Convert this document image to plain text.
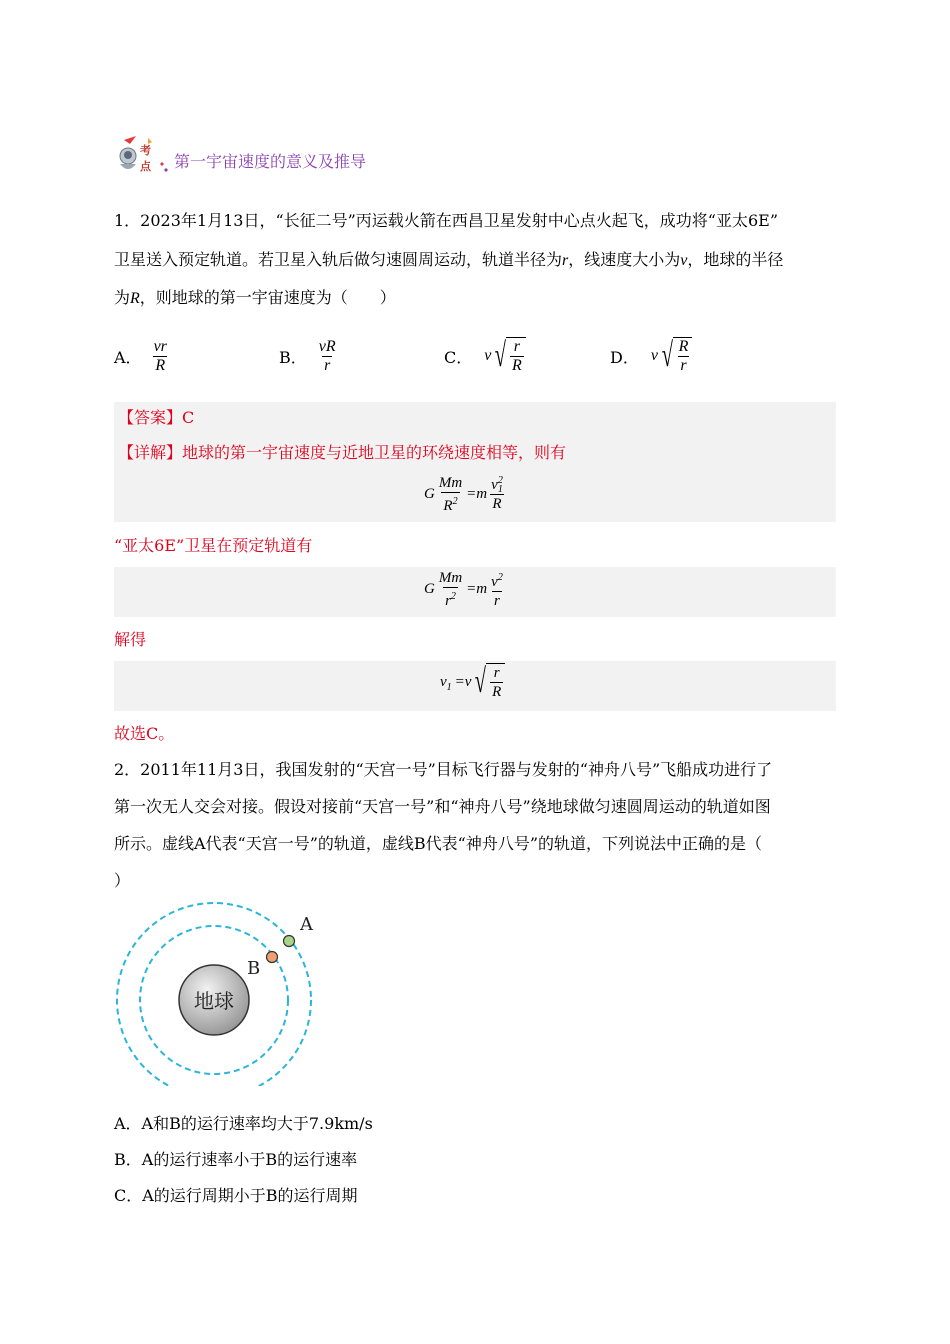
考
点 第一宇宙速度的意义及推导
1．2023年1月13日，“长征二号”丙运载火箭在西昌卫星发射中心点火起飞，成功将“亚太6E”
卫星送入预定轨道。若卫星入轨后做匀速圆周运动，轨道半径为r，线速度大小为v，地球的半径
为R，则地球的第一宇宙速度为（　　）
A． $\frac{vr}{R}$	B． $\frac{vR}{r}$	C． v √ $\frac{r}{R}$	D． v √ $\frac{R}{r}$
【答案】C
【详解】地球的第一宇宙速度与近地卫星的环绕速度相等，则有
G $\frac{Mm}{R^2} =m$ v 2
1
R
“亚太6E”卫星在预定轨道有
G $\frac{Mm}{r^2} =m \frac{v^2}{r}$
解得
$v_1 =v$ √ $\frac{r}{R}$
故选C。
2．2011年11月3日，我国发射的“天宫一号”目标飞行器与发射的“神舟八号”飞船成功进行了
第一次无人交会对接。假设对接前“天宫一号”和“神舟八号”绕地球做匀速圆周运动的轨道如图
所示。虚线A代表“天宫一号”的轨道，虚线B代表“神舟八号”的轨道，下列说法中正确的是（
）
地球
A
B
A．A和B的运行速率均大于7.9km/s
B．A的运行速率小于B的运行速率
C．A的运行周期小于B的运行周期
